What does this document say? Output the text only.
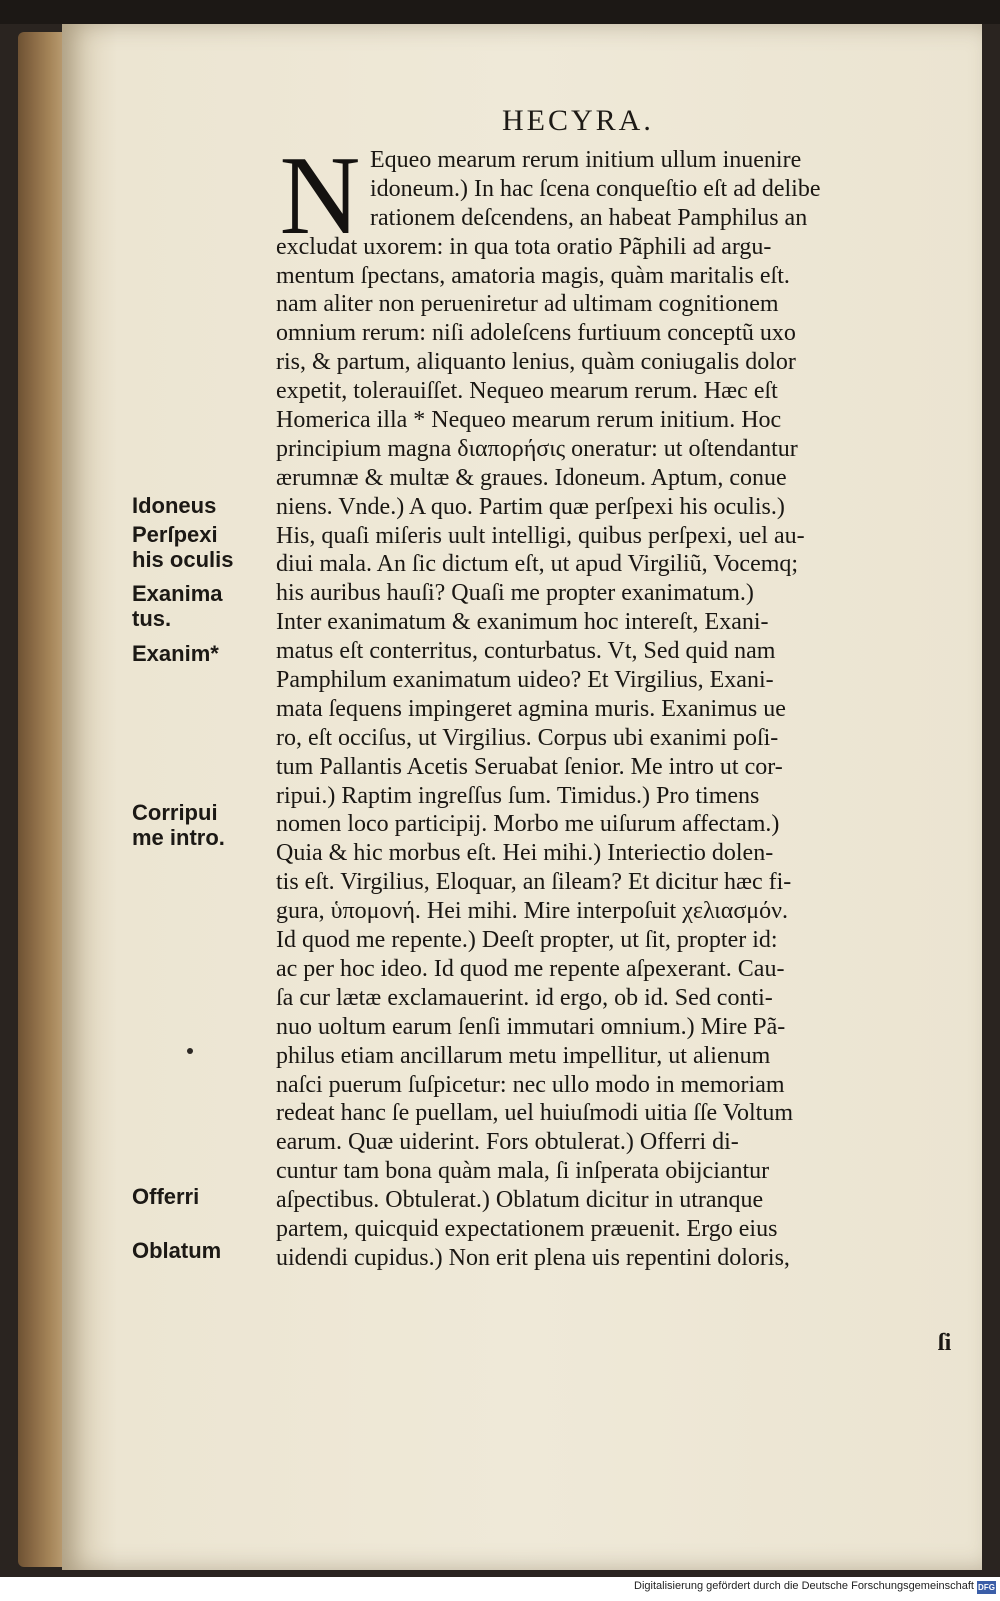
HECYRA.
N Equeo mearum rerum initium ullum inuenire
idoneum.) In hac ſcena conqueſtio eſt ad delibe
rationem deſcendens, an habeat Pamphilus an
excludat uxorem: in qua tota oratio Pãphili ad argu-
mentum ſpectans, amatoria magis, quàm maritalis eſt.
nam aliter non perueniretur ad ultimam cognitionem
omnium rerum: niſi adoleſcens furtiuum conceptũ uxo
ris, & partum, aliquanto lenius, quàm coniugalis dolor
expetit, tolerauiſſet. Nequeo mearum rerum. Hæc eſt
Homerica illa * Nequeo mearum rerum initium. Hoc
principium magna διαπορήσις oneratur: ut oſtendantur
ærumnæ & multæ & graues. Idoneum. Aptum, conue
niens. Vnde.) A quo. Partim quæ perſpexi his oculis.)
His, quaſi miſeris uult intelligi, quibus perſpexi, uel au-
diui mala. An ſic dictum eſt, ut apud Virgiliũ, Vocemq;
his auribus hauſi? Quaſi me propter exanimatum.)
Inter exanimatum & exanimum hoc intereſt, Exani-
matus eſt conterritus, conturbatus. Vt, Sed quid nam
Pamphilum exanimatum uideo? Et Virgilius, Exani-
mata ſequens impingeret agmina muris. Exanimus ue
ro, eſt occiſus, ut Virgilius. Corpus ubi exanimi poſi-
tum Pallantis Acetis Seruabat ſenior. Me intro ut cor-
ripui.) Raptim ingreſſus ſum. Timidus.) Pro timens
nomen loco participij. Morbo me uiſurum affectam.)
Quia & hic morbus eſt. Hei mihi.) Interiectio dolen-
tis eſt. Virgilius, Eloquar, an ſileam? Et dicitur hæc fi-
gura, ὑπομονή. Hei mihi. Mire interpoſuit χελιασμόν.
Id quod me repente.) Deeſt propter, ut ſit, propter id:
ac per hoc ideo. Id quod me repente aſpexerant. Cau-
ſa cur lætæ exclamauerint. id ergo, ob id. Sed conti-
nuo uoltum earum ſenſi immutari omnium.) Mire Pã-
philus etiam ancillarum metu impellitur, ut alienum
naſci puerum ſuſpicetur: nec ullo modo in memoriam
redeat hanc ſe puellam, uel huiuſmodi uitia ſſe Voltum
earum. Quæ uiderint. Fors obtulerat.) Offerri di-
cuntur tam bona quàm mala, ſi inſperata obijciantur
aſpectibus. Obtulerat.) Oblatum dicitur in utranque
partem, quicquid expectationem præuenit. Ergo eius
uidendi cupidus.) Non erit plena uis repentini doloris,
Idoneus
Perſpexi
his oculis
Exanima
tus.
Exanim*
Corripui
me intro.
Offerri
Oblatum
ſi
Digitalisierung gefördert durch die Deutsche Forschungsgemeinschaft DFG
